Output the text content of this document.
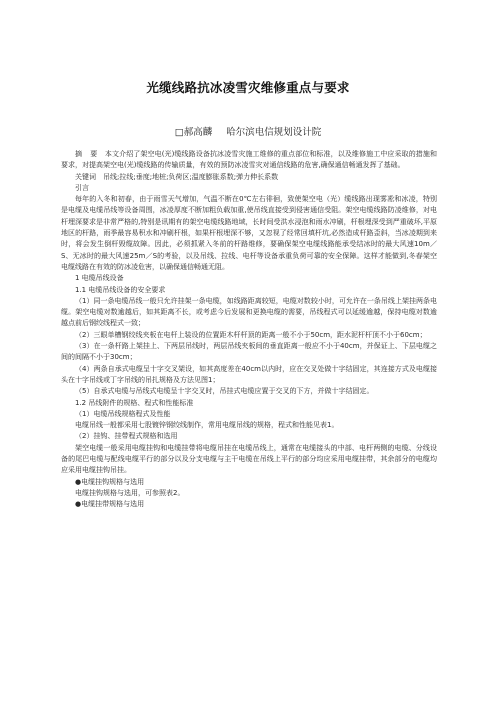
光缆线路抗冰凌雪灾维修重点与要求
□郝高麟 哈尔滨电信规划设计院

摘　要　 本文介绍了架空电(光)缆线路设备抗冰凌雪灾施工维修的重点部位和标准，以及维修施工中应采取的措施和要求，对提高架空电(光)缆线路的传输质量，有效的预防冰凌雪灾对通信线路的危害,确保通信畅通发挥了基础。

关键词　 吊线;拉线;垂度;地桩;负荷区;温度膨胀系数;弹力伸长系数

引言

每年的入冬和初春，由于雨雪天气增加，气温不断在0℃左右徘徊，致使架空电（光）缆线路出现雾凇和冰凌，特别是电缆及电缆吊线等设备周围，冰凌厚度不断加粗负载加重,使吊线直接受到侵害通信受阻。架空电缆线路防凌维修，对电杆埋深要求是非常严格的,特别是讯期有的架空电缆线路地域，长时间受洪水浸泡和雨水冲刷，杆根埋深受到严重破坏,平原地区的杆路，雨季最容易积水和冲刷杆根，如果杆根埋深不够，又忽视了经常回填杆坑,必然造成杆路歪斜，当冰凌期到来时，将会发生倒杆毁缆故障。因此，必须抓紧入冬前的杆路维修，要确保架空电缆线路能承受结冰时的最大风速10m／S、无冰时的最大风速25m／S的考验，以及吊线、拉线、电杆等设备承重负荷可靠的安全保障。这样才能做到,冬春架空电缆线路在有效的防冰凌危害，以确保通信畅通无阻。

1 电缆吊线设备

1.1 电缆吊线设备的安全要求

（1）同一条电缆吊线一般只允许挂架一条电缆，如线路距离较短，电缆对数较小时，可允许在一条吊线上架挂两条电缆。架空电缆对数逾越后，如其距离不长，或考虑今后发展和更换电缆的需要，吊线程式可以延缓逾越，保持电缆对数逾越点前后钢绞线程式一致；

（2）三眼单槽钢绞线夹板在电杆上装设的位置距木杆杆顶的距离一般不小于50cm，距水泥杆杆顶不小于60cm；

（3）在一条杆路上架挂上、下两层吊线时，两层吊线夹板间的垂直距离一般应不小于40cm，并保证上、下层电缆之间的间隔不小于30cm；

（4）两条自承式电缆呈十字交叉架设，如其高度差在40cm以内时，应在交叉处做十字结固定，其连接方式及电缆接头在十字吊线或丁字吊线的吊扎规格及方法见图1；

（5）自承式电缆与吊线式电缆呈十字交叉时，吊挂式电缆应置于交叉的下方，并做十字结固定。

1.2 吊线附件的规格、程式和性能标准

（1）电缆吊线规格程式及性能

电缆吊线一般都采用七股镀锌钢绞线制作，常用电缆吊线的规格，程式和性能见表1。

（2）挂钩、挂带程式规格和选用

架空电缆一般采用电缆挂钩和电缆挂带将电缆吊挂在电缆吊线上，通常在电缆接头的中部、电杆两侧的电缆、分线设备的尾巴电缆与配线电缆平行的部分以及分支电缆与主干电缆在吊线上平行的部分均应采用电缆挂带，其余部分的电缆均应采用电缆挂钩吊挂。

●电缆挂钩规格与选用

电缆挂钩规格与选用，可参照表2。

●电缆挂带规格与选用
